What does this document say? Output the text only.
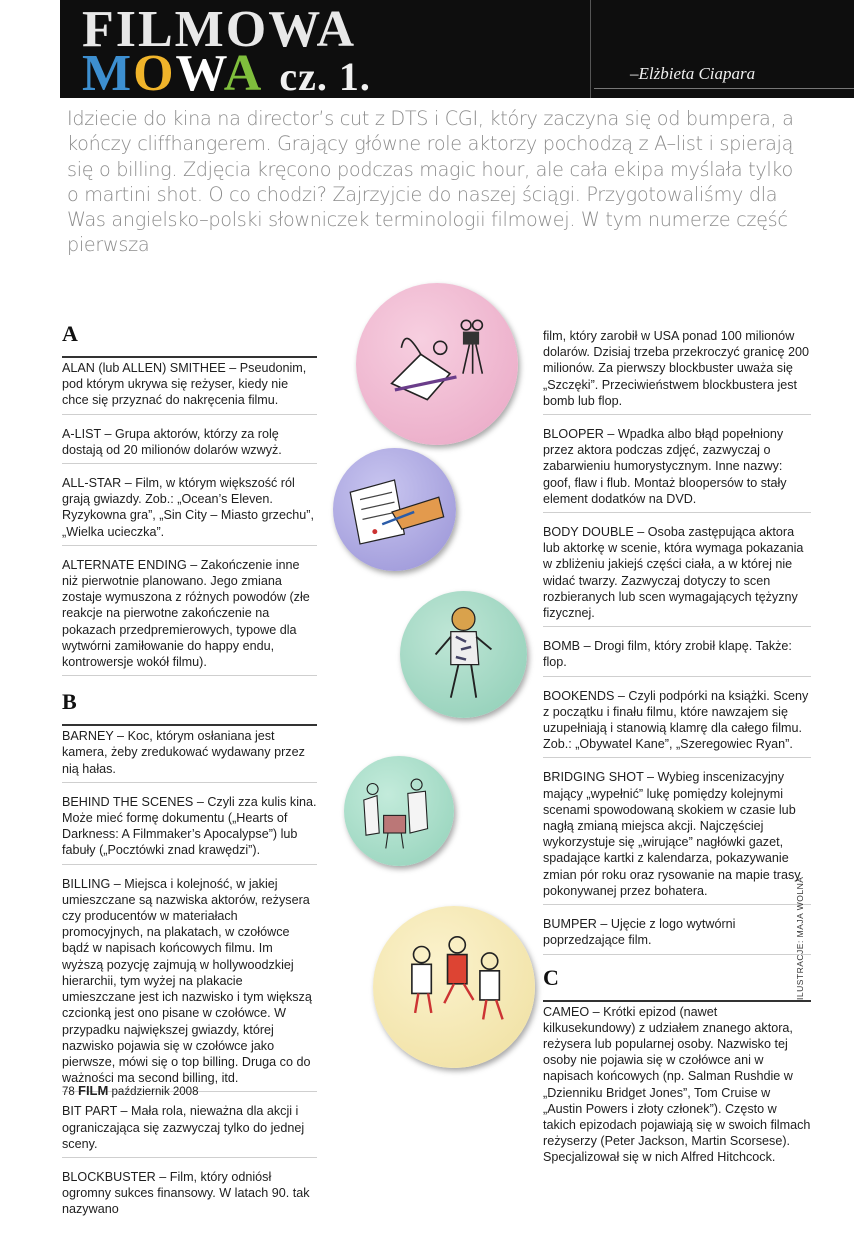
FILMOWA
MOWA cz. 1.	–Elżbieta Ciapara
Idziecie do kina na director’s cut z DTS i CGI, który zaczyna się od bumpera, a kończy cliffhangerem. Grający główne role aktorzy pochodzą z A–list i spierają się o billing. Zdjęcia kręcono podczas magic hour, ale cała ekipa myślała tylko o martini shot. O co chodzi? Zajrzyjcie do naszej ściągi. Przygotowaliśmy dla Was angielsko–polski słowniczek terminologii filmowej. W tym numerze część pierwsza
A
ALAN (lub ALLEN) SMITHEE – Pseudonim, pod którym ukrywa się reżyser, kiedy nie chce się przyznać do nakręcenia filmu.
A-LIST – Grupa aktorów, którzy za rolę dostają od 20 milionów dolarów wzwyż.
ALL-STAR – Film, w którym większość ról grają gwiazdy. Zob.: „Ocean’s Eleven. Ryzykowna gra”, „Sin City – Miasto grzechu”, „Wielka ucieczka”.
ALTERNATE ENDING – Zakończenie inne niż pierwotnie planowano. Jego zmiana zostaje wymuszona z różnych powodów (złe reakcje na pierwotne zakończenie na pokazach przedpremierowych, typowe dla wytwórni zamiłowanie do happy endu, kontrowersje wokół filmu).
B
BARNEY – Koc, którym osłaniana jest kamera, żeby zredukować wydawany przez nią hałas.
BEHIND THE SCENES – Czyli zza kulis kina. Może mieć formę dokumentu („Hearts of Darkness: A Filmmaker’s Apocalypse”) lub fabuły („Pocztówki znad krawędzi”).
BILLING – Miejsca i kolejność, w jakiej umieszczane są nazwiska aktorów, reżysera czy producentów w materiałach promocyjnych, na plakatach, w czołówce bądź w napisach końcowych filmu. Im wyższą pozycję zajmują w hollywoodzkiej hierarchii, tym wyżej na plakacie umieszczane jest ich nazwisko i tym większą czcionką jest ono pisane w czołówce. W przypadku największej gwiazdy, której nazwisko pojawia się w czołówce jako pierwsze, mówi się o top billing. Druga co do ważności ma second billing, itd.
BIT PART – Mała rola, nieważna dla akcji i ograniczająca się zazwyczaj tylko do jednej sceny.
BLOCKBUSTER – Film, który odniósł ogromny sukces finansowy. W latach 90. tak nazywano
film, który zarobił w USA ponad 100 milionów dolarów. Dzisiaj trzeba przekroczyć granicę 200 milionów. Za pierwszy blockbuster uważa się „Szczęki”. Przeciwieństwem blockbustera jest bomb lub flop.
BLOOPER – Wpadka albo błąd popełniony przez aktora podczas zdjęć, zazwyczaj o zabarwieniu humorystycznym. Inne nazwy: goof, flaw i flub. Montaż bloopersów to stały element dodatków na DVD.
BODY DOUBLE – Osoba zastępująca aktora lub aktorkę w scenie, która wymaga pokazania w zbliżeniu jakiejś części ciała, a w której nie widać twarzy. Zazwyczaj dotyczy to scen rozbieranych lub scen wymagających tężyzny fizycznej.
BOMB – Drogi film, który zrobił klapę. Także: flop.
BOOKENDS – Czyli podpórki na książki. Sceny z początku i finału filmu, które nawzajem się uzupełniają i stanowią klamrę dla całego filmu. Zob.: „Obywatel Kane”, „Szeregowiec Ryan”.
BRIDGING SHOT – Wybieg inscenizacyjny mający „wypełnić” lukę pomiędzy kolejnymi scenami spowodowaną skokiem w czasie lub nagłą zmianą miejsca akcji. Najczęściej wykorzystuje się „wirujące” nagłówki gazet, spadające kartki z kalendarza, pokazywanie zmian pór roku oraz rysowanie na mapie trasy pokonywanej przez bohatera.
BUMPER – Ujęcie z logo wytwórni poprzedzające film.
C
CAMEO – Krótki epizod (nawet kilkusekundowy) z udziałem znanego aktora, reżysera lub popularnej osoby. Nazwisko tej osoby nie pojawia się w czołówce ani w napisach końcowych (np. Salman Rushdie w „Dzienniku Bridget Jones”, Tom Cruise w „Austin Powers i złoty członek”). Często w takich epizodach pojawiają się w swoich filmach reżyserzy (Peter Jackson, Martin Scorsese). Specjalizował się w nich Alfred Hitchcock.
ILUSTRACJE: MAJA WOLNA
78 FILM październik 2008
